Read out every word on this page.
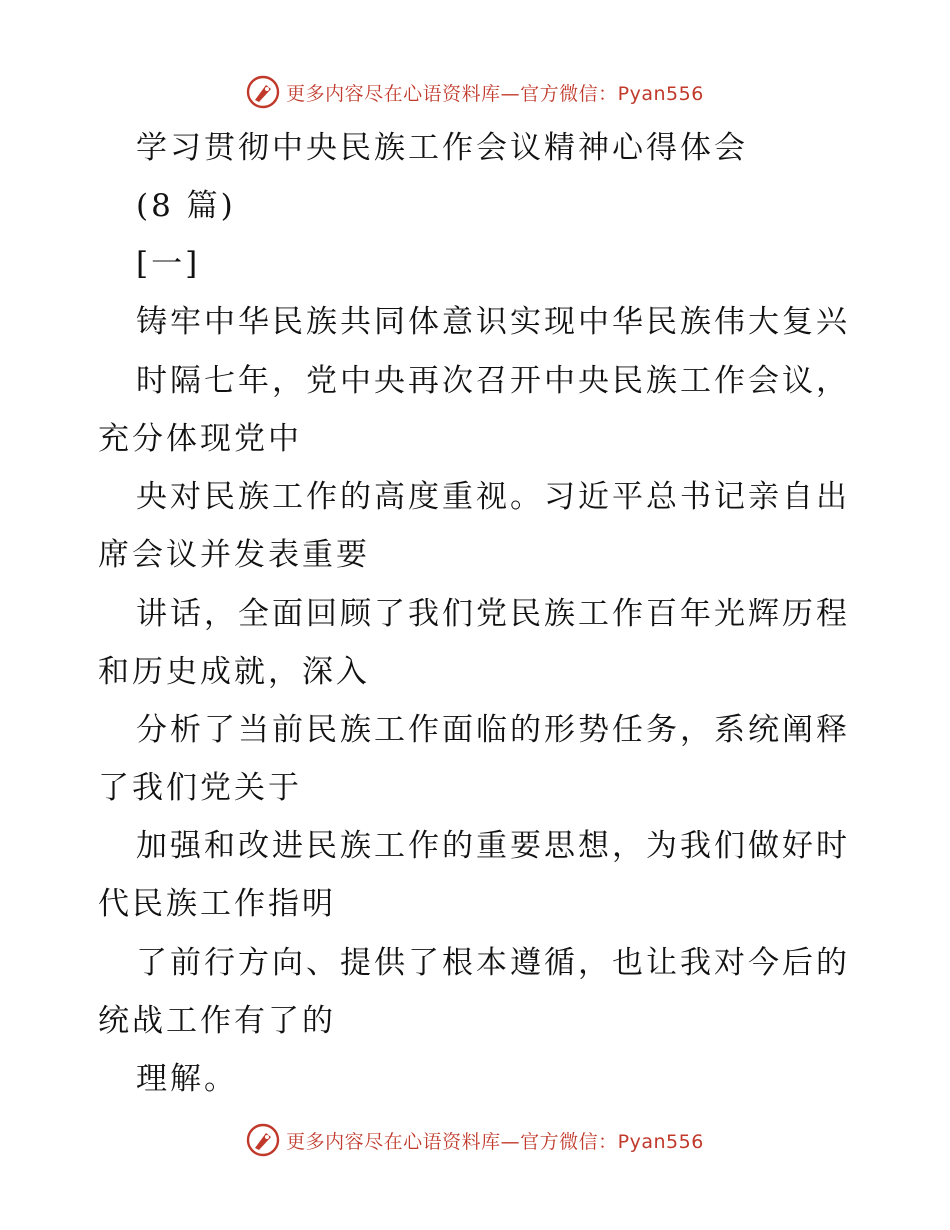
更多内容尽在心语资料库—官方微信：Pyan556
学习贯彻中央民族工作会议精神心得体会
(8 篇)
[一]
铸牢中华民族共同体意识实现中华民族伟大复兴
时隔七年，党中央再次召开中央民族工作会议，
充分体现党中
央对民族工作的高度重视。习近平总书记亲自出
席会议并发表重要
讲话，全面回顾了我们党民族工作百年光辉历程
和历史成就，深入
分析了当前民族工作面临的形势任务，系统阐释
了我们党关于
加强和改进民族工作的重要思想，为我们做好时
代民族工作指明
了前行方向、提供了根本遵循，也让我对今后的
统战工作有了的
理解。
更多内容尽在心语资料库—官方微信：Pyan556
